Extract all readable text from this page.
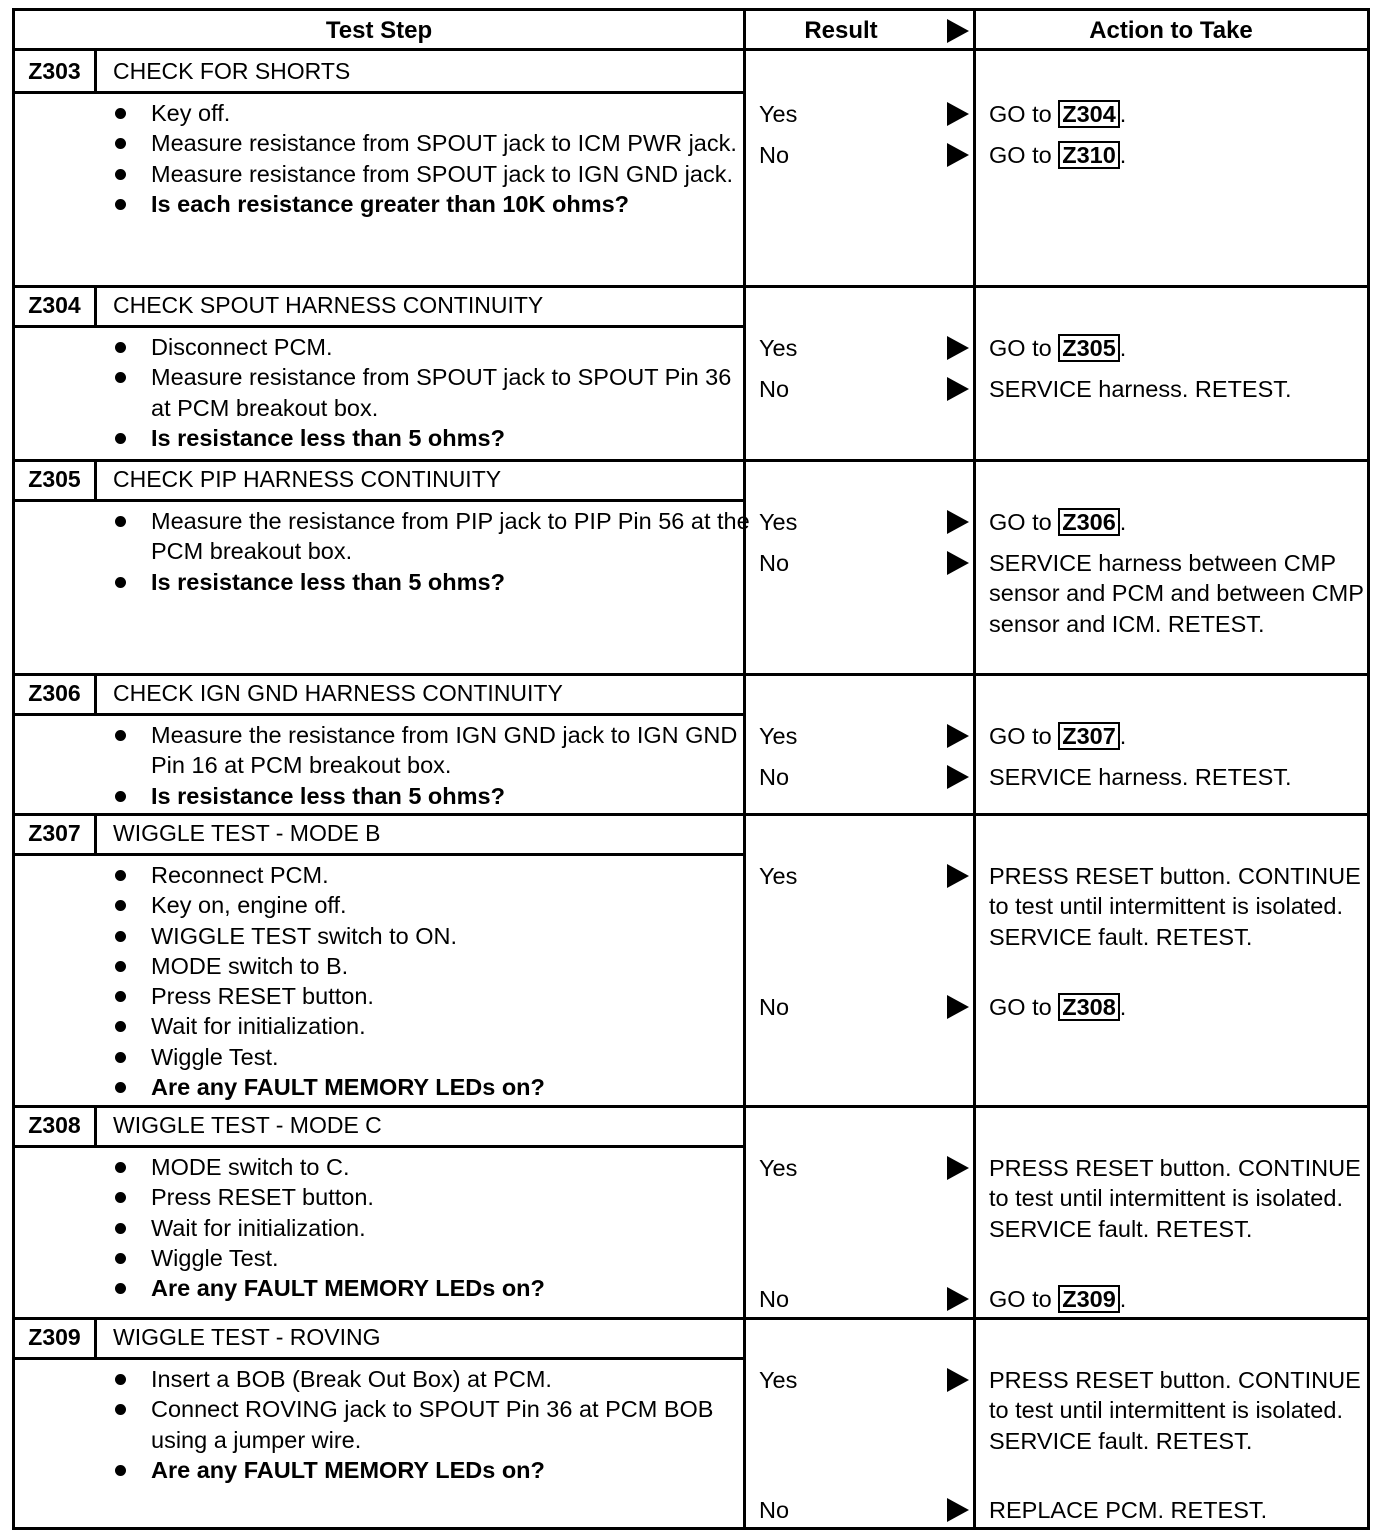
Test Step	Result	Action to Take
Z303	CHECK FOR SHORTS
Key off.
Measure resistance from SPOUT jack to ICM PWR jack.
Measure resistance from SPOUT jack to IGN GND jack.
Is each resistance greater than 10K ohms?
Yes	GO to Z304 .
No	GO to Z310 .
Z304	CHECK SPOUT HARNESS CONTINUITY
Disconnect PCM.
Measure resistance from SPOUT jack to SPOUT Pin 36 at PCM breakout box.
Is resistance less than 5 ohms?
Yes	GO to Z305 .
No	SERVICE harness. RETEST.
Z305	CHECK PIP HARNESS CONTINUITY
Measure the resistance from PIP jack to PIP Pin 56 at the PCM breakout box.
Is resistance less than 5 ohms?
Yes	GO to Z306 .
No	SERVICE harness between CMP sensor and PCM and between CMP sensor and ICM. RETEST.
Z306	CHECK IGN GND HARNESS CONTINUITY
Measure the resistance from IGN GND jack to IGN GND Pin 16 at PCM breakout box.
Is resistance less than 5 ohms?
Yes	GO to Z307 .
No	SERVICE harness. RETEST.
Z307	WIGGLE TEST - MODE B
Reconnect PCM.
Key on, engine off.
WIGGLE TEST switch to ON.
MODE switch to B.
Press RESET button.
Wait for initialization.
Wiggle Test.
Are any FAULT MEMORY LEDs on?
Yes	PRESS RESET button. CONTINUE to test until intermittent is isolated. SERVICE fault. RETEST.
No	GO to Z308 .
Z308	WIGGLE TEST - MODE C
MODE switch to C.
Press RESET button.
Wait for initialization.
Wiggle Test.
Are any FAULT MEMORY LEDs on?
Yes	PRESS RESET button. CONTINUE to test until intermittent is isolated. SERVICE fault. RETEST.
No	GO to Z309 .
Z309	WIGGLE TEST - ROVING
Insert a BOB (Break Out Box) at PCM.
Connect ROVING jack to SPOUT Pin 36 at PCM BOB using a jumper wire.
Are any FAULT MEMORY LEDs on?
Yes	PRESS RESET button. CONTINUE to test until intermittent is isolated. SERVICE fault. RETEST.
No	REPLACE PCM. RETEST.
